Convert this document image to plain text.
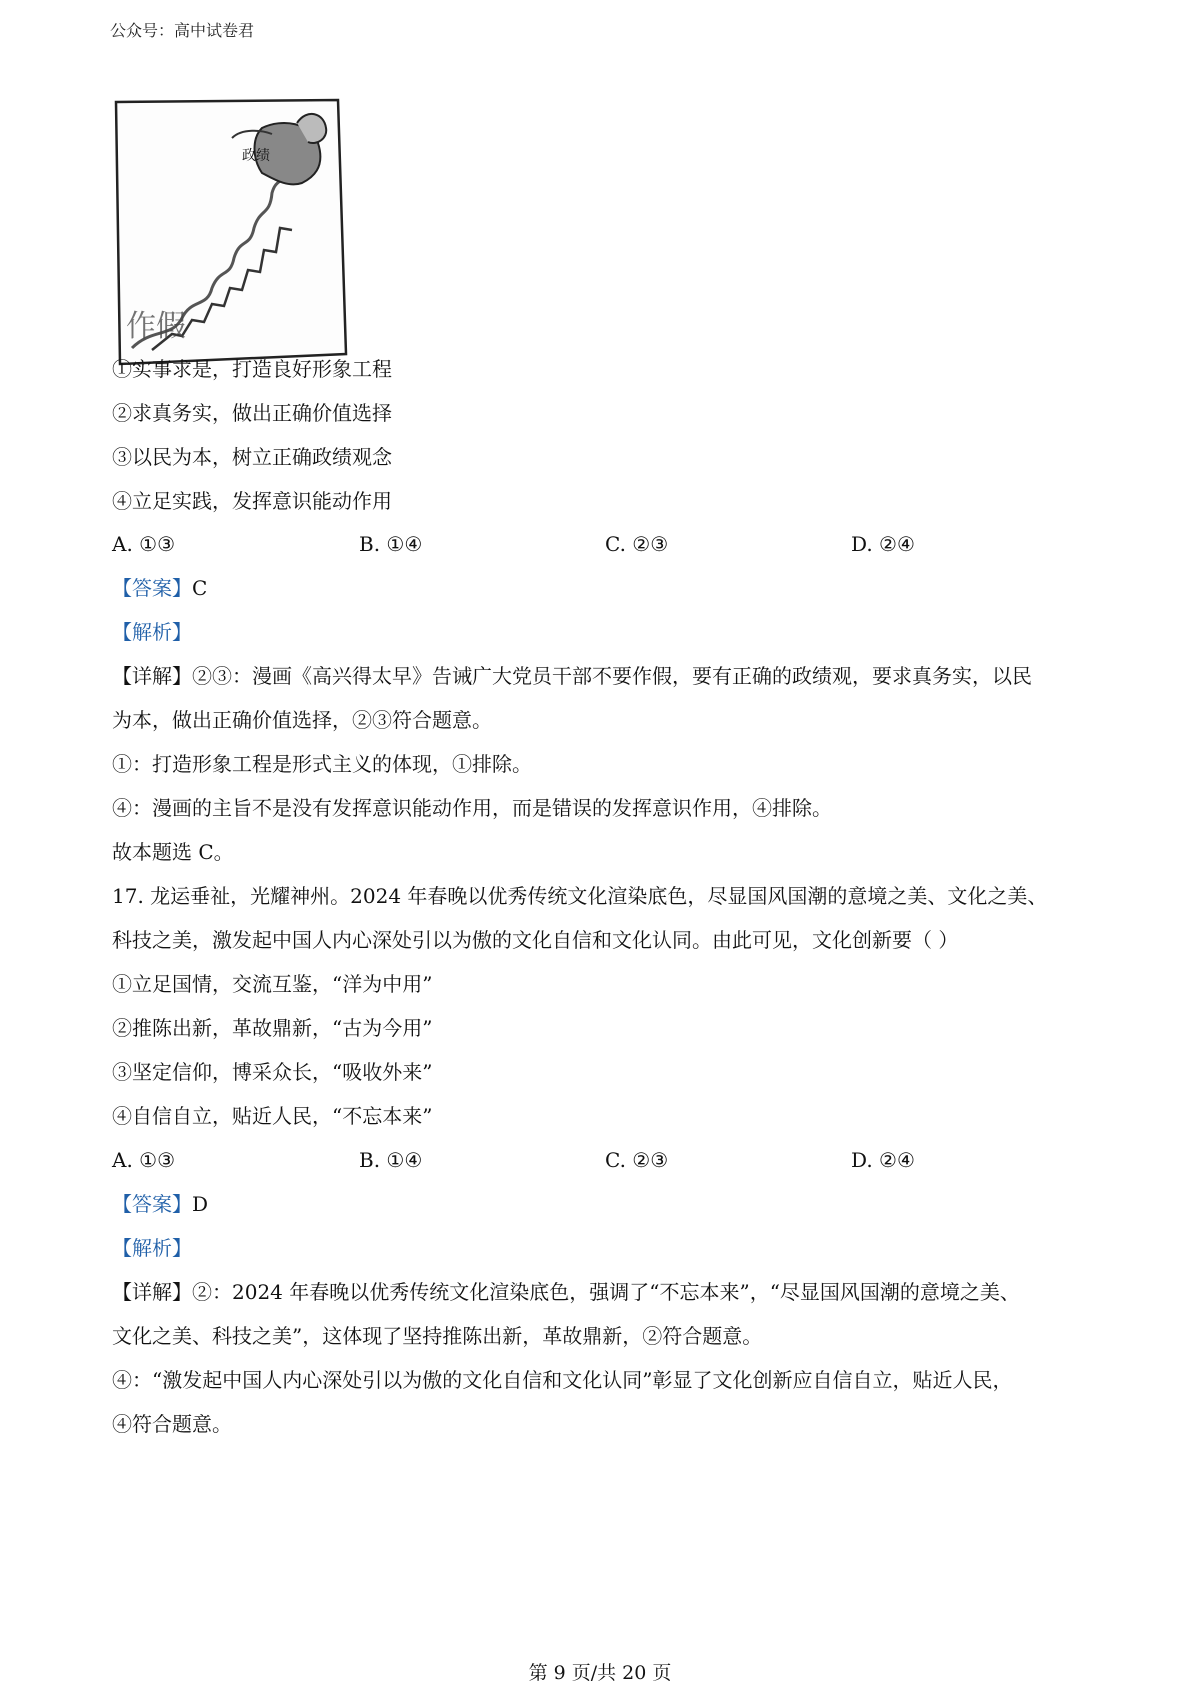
公众号：高中试卷君
政绩
作假
①实事求是，打造良好形象工程
②求真务实，做出正确价值选择
③以民为本，树立正确政绩观念
④立足实践，发挥意识能动作用
A. ①③	B. ①④	C. ②③	D. ②④
【答案】C
【解析】
【详解】②③：漫画《高兴得太早》告诫广大党员干部不要作假，要有正确的政绩观，要求真务实，以民
为本，做出正确价值选择，②③符合题意。
①：打造形象工程是形式主义的体现，①排除。
④：漫画的主旨不是没有发挥意识能动作用，而是错误的发挥意识作用，④排除。
故本题选 C。
17. 龙运垂祉，光耀神州。2024 年春晚以优秀传统文化渲染底色，尽显国风国潮的意境之美、文化之美、
科技之美，激发起中国人内心深处引以为傲的文化自信和文化认同。由此可见，文化创新要（ ）
①立足国情，交流互鉴，“洋为中用”
②推陈出新，革故鼎新，“古为今用”
③坚定信仰，博采众长，“吸收外来”
④自信自立，贴近人民，“不忘本来”
A. ①③	B. ①④	C. ②③	D. ②④
【答案】D
【解析】
【详解】②：2024 年春晚以优秀传统文化渲染底色，强调了“不忘本来”，“尽显国风国潮的意境之美、
文化之美、科技之美”，这体现了坚持推陈出新，革故鼎新，②符合题意。
④：“激发起中国人内心深处引以为傲的文化自信和文化认同”彰显了文化创新应自信自立，贴近人民，
④符合题意。
第 9 页/共 20 页
